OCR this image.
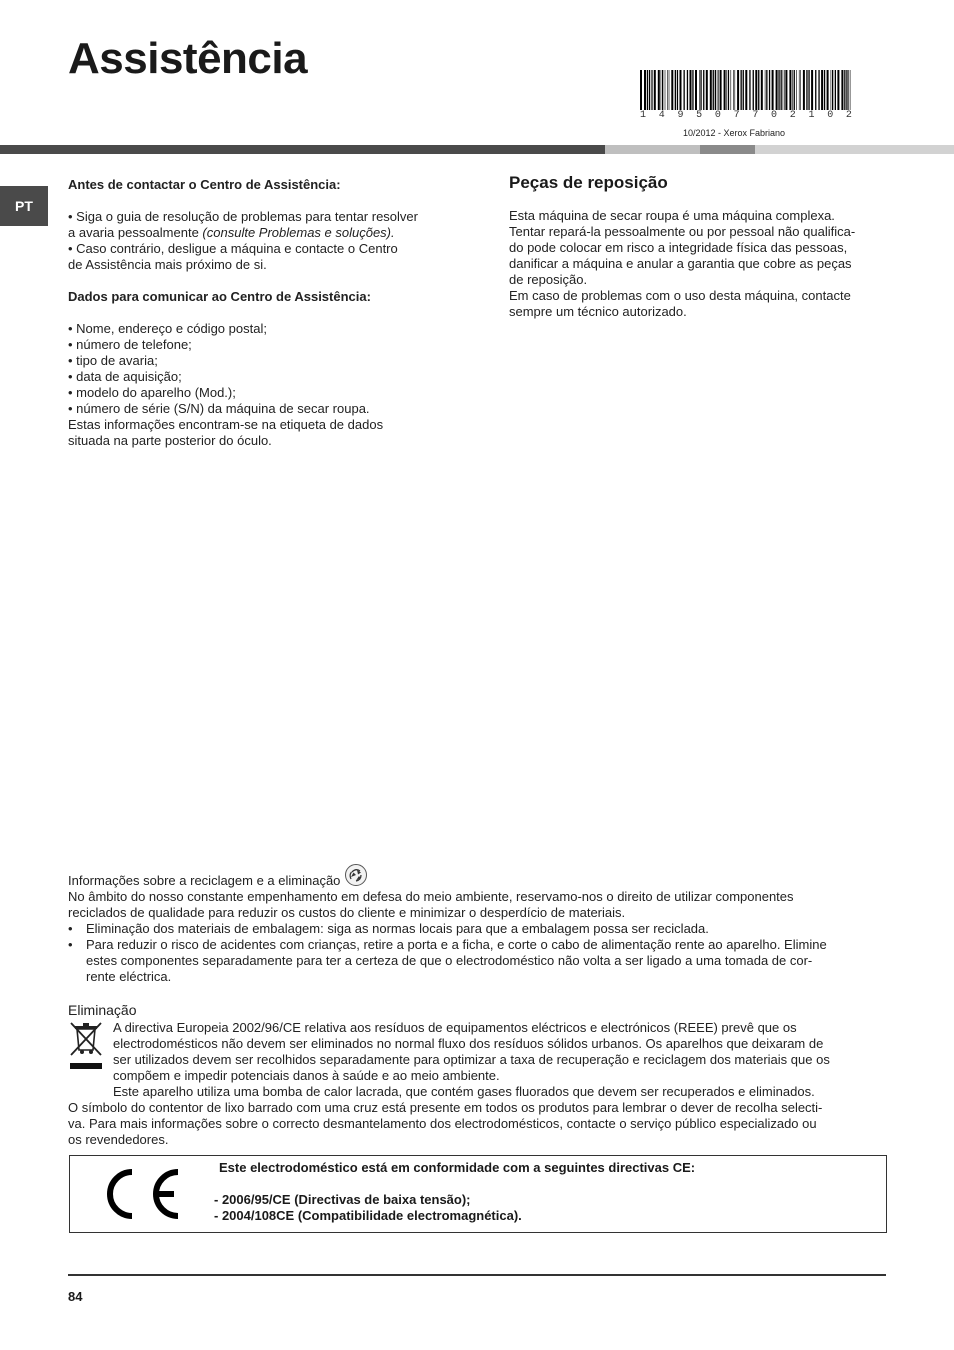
Assistência
1 4 9 5 0 7 7 0 2 1 0 2
10/2012 - Xerox Fabriano
PT

Antes de contactar o Centro de Assistência:

• Siga o guia de resolução de problemas para tentar resolver

a avaria pessoalmente (consulte Problemas e soluções).

• Caso contrário, desligue a máquina e contacte o Centro

de Assistência mais próximo de si.

Dados para comunicar ao Centro de Assistência:

• Nome, endereço e código postal;

• número de telefone;

• tipo de avaria;

• data de aquisição;

• modelo do aparelho (Mod.);

• número de série (S/N) da máquina de secar roupa.

Estas informações encontram-se na etiqueta de dados

situada na parte posterior do óculo.

Peças de reposição

Esta máquina de secar roupa é uma máquina complexa.

Tentar repará-la pessoalmente ou por pessoal não qualifica-

do pode colocar em risco a integridade física das pessoas,

danificar a máquina e anular a garantia que cobre as peças

de reposição.

Em caso de problemas com o uso desta máquina, contacte

sempre um técnico autorizado.

Informações sobre a reciclagem e a eliminação

No âmbito do nosso constante empenhamento em defesa do meio ambiente, reservamo-nos o direito de utilizar componentes

reciclados de qualidade para reduzir os custos do cliente e minimizar o desperdício de materiais.

•	Eliminação dos materiais de embalagem: siga as normas locais para que a embalagem possa ser reciclada.
•	Para reduzir o risco de acidentes com crianças, retire a porta e a ficha, e corte o cabo de alimentação rente ao aparelho. Elimine
estes componentes separadamente para ter a certeza de que o electrodoméstico não volta a ser ligado a uma tomada de cor-
rente eléctrica.
Eliminação

A directiva Europeia 2002/96/CE relativa aos resíduos de equipamentos eléctricos e electrónicos (REEE) prevê que os

electrodomésticos não devem ser eliminados no normal fluxo dos resíduos sólidos urbanos. Os aparelhos que deixaram de

ser utilizados devem ser recolhidos separadamente para optimizar a taxa de recuperação e reciclagem dos materiais que os

compõem e impedir potenciais danos à saúde e ao meio ambiente.

Este aparelho utiliza uma bomba de calor lacrada, que contém gases fluorados que devem ser recuperados e eliminados.

O símbolo do contentor de lixo barrado com uma cruz está presente em todos os produtos para lembrar o dever de recolha selecti-

va. Para mais informações sobre o correcto desmantelamento dos electrodomésticos, contacte o serviço público especializado ou

os revendedores.

Este electrodoméstico está em conformidade com a seguintes directivas CE:
- 2006/95/CE (Directivas de baixa tensão);
- 2004/108CE (Compatibilidade electromagnética).
84
